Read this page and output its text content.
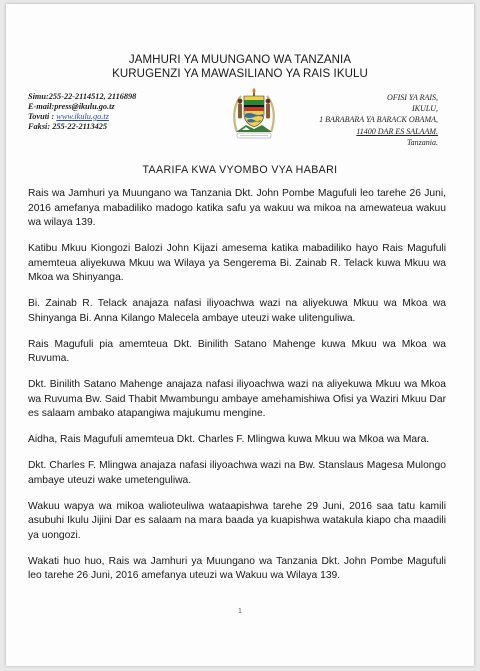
JAMHURI YA MUUNGANO WA TANZANIA
KURUGENZI YA MAWASILIANO YA RAIS IKULU
Simu:255-22-2114512, 2116898
E-mail:press@ikulu.go.tz
Tovuti : www.ikulu.go.tz
Faksi: 255-22-2113425
OFISI YA RAIS,
IKULU,
1 BARABARA YA BARACK OBAMA,
11400 DAR ES SALAAM.
Tanzania.
TAARIFA KWA VYOMBO VYA HABARI

Rais wa Jamhuri ya Muungano wa Tanzania Dkt. John Pombe Magufuli leo tarehe 26 Juni, 2016 amefanya mabadiliko madogo katika safu ya wakuu wa mikoa na amewateua wakuu wa wilaya 139.

Katibu Mkuu Kiongozi Balozi John Kijazi amesema katika mabadiliko hayo Rais Magufuli amemteua aliyekuwa Mkuu wa Wilaya ya Sengerema Bi. Zainab R. Telack kuwa Mkuu wa Mkoa wa Shinyanga.

Bi. Zainab R. Telack anajaza nafasi iliyoachwa wazi na aliyekuwa Mkuu wa Mkoa wa Shinyanga Bi. Anna Kilango Malecela ambaye uteuzi wake ulitenguliwa.

Rais Magufuli pia amemteua Dkt. Binilith Satano Mahenge kuwa Mkuu wa Mkoa wa Ruvuma.

Dkt. Binilith Satano Mahenge anajaza nafasi iliyoachwa wazi na aliyekuwa Mkuu wa Mkoa wa Ruvuma Bw. Said Thabit Mwambungu ambaye amehamishiwa Ofisi ya Waziri Mkuu Dar es salaam ambako atapangiwa majukumu mengine.

Aidha, Rais Magufuli amemteua Dkt. Charles F. Mlingwa kuwa Mkuu wa Mkoa wa Mara.

Dkt. Charles F. Mlingwa anajaza nafasi iliyoachwa wazi na Bw. Stanslaus Magesa Mulongo ambaye uteuzi wake umetenguliwa.

Wakuu wapya wa mikoa walioteuliwa wataapishwa tarehe 29 Juni, 2016 saa tatu kamili asubuhi Ikulu Jijini Dar es salaam na mara baada ya kuapishwa watakula kiapo cha maadili ya uongozi.

Wakati huo huo, Rais wa Jamhuri ya Muungano wa Tanzania Dkt. John Pombe Magufuli leo tarehe 26 Juni, 2016 amefanya uteuzi wa Wakuu wa Wilaya 139.

1
